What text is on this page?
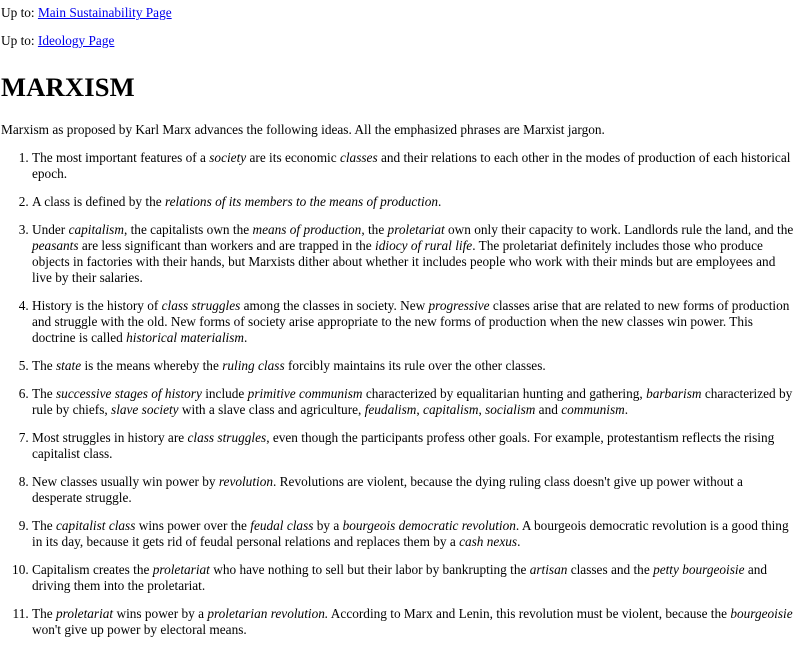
Up to: Main Sustainability Page

Up to: Ideology Page

MARXISM

Marxism as proposed by Karl Marx advances the following ideas. All the emphasized phrases are Marxist jargon.

1. The most important features of a society are its economic classes and their relations to each other in the modes of production of each historical epoch.
2. A class is defined by the relations of its members to the means of production.
3. Under capitalism, the capitalists own the means of production, the proletariat own only their capacity to work. Landlords rule the land, and the peasants are less significant than workers and are trapped in the idiocy of rural life. The proletariat definitely includes those who produce objects in factories with their hands, but Marxists dither about whether it includes people who work with their minds but are employees and live by their salaries.
4. History is the history of class struggles among the classes in society. New progressive classes arise that are related to new forms of production and struggle with the old. New forms of society arise appropriate to the new forms of production when the new classes win power. This doctrine is called historical materialism.
5. The state is the means whereby the ruling class forcibly maintains its rule over the other classes.
6. The successive stages of history include primitive communism characterized by equalitarian hunting and gathering, barbarism characterized by rule by chiefs, slave society with a slave class and agriculture, feudalism, capitalism, socialism and communism.
7. Most struggles in history are class struggles, even though the participants profess other goals. For example, protestantism reflects the rising capitalist class.
8. New classes usually win power by revolution. Revolutions are violent, because the dying ruling class doesn't give up power without a desperate struggle.
9. The capitalist class wins power over the feudal class by a bourgeois democratic revolution. A bourgeois democratic revolution is a good thing in its day, because it gets rid of feudal personal relations and replaces them by a cash nexus.
10. Capitalism creates the proletariat who have nothing to sell but their labor by bankrupting the artisan classes and the petty bourgeoisie and driving them into the proletariat.
11. The proletariat wins power by a proletarian revolution. According to Marx and Lenin, this revolution must be violent, because the bourgeoisie won't give up power by electoral means.
